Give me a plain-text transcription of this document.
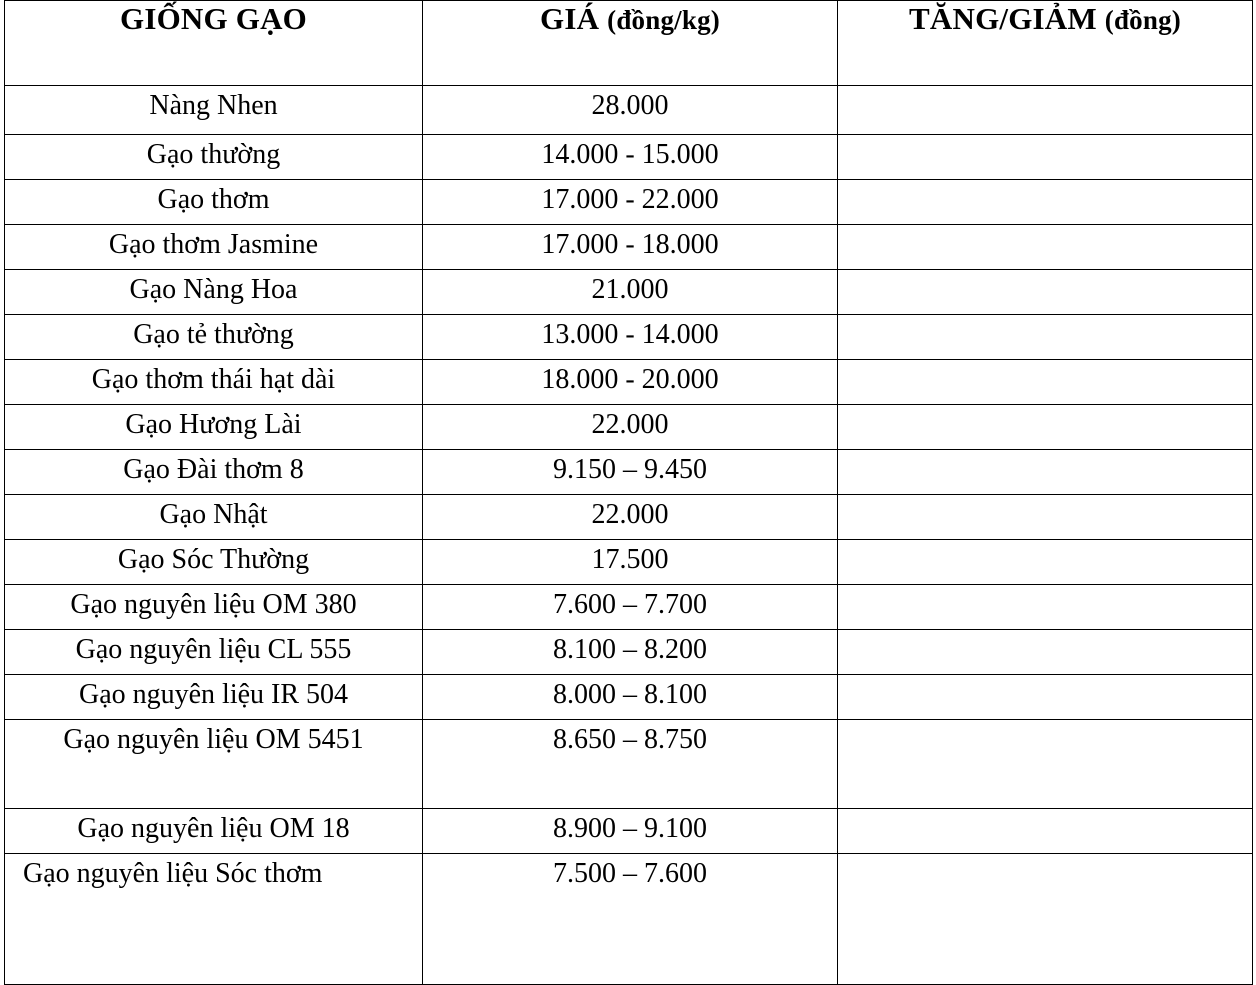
GIỐNG GẠO	GIÁ (đồng/kg)	TĂNG/GIẢM (đồng)
Nàng Nhen	28.000	
Gạo thường	14.000 - 15.000	
Gạo thơm	17.000 - 22.000	
Gạo thơm Jasmine	17.000 - 18.000	
Gạo Nàng Hoa	21.000	
Gạo tẻ thường	13.000 - 14.000	
Gạo thơm thái hạt dài	18.000 - 20.000	
Gạo Hương Lài	22.000	
Gạo Đài thơm 8	9.150 – 9.450	
Gạo Nhật	22.000	
Gạo Sóc Thường	17.500	
Gạo nguyên liệu OM 380	7.600 – 7.700	
Gạo nguyên liệu CL 555	8.100 – 8.200	
Gạo nguyên liệu IR 504	8.000 – 8.100	
Gạo nguyên liệu OM 5451	8.650 – 8.750	
Gạo nguyên liệu OM 18	8.900 – 9.100	
Gạo nguyên liệu Sóc thơm	7.500 – 7.600	
